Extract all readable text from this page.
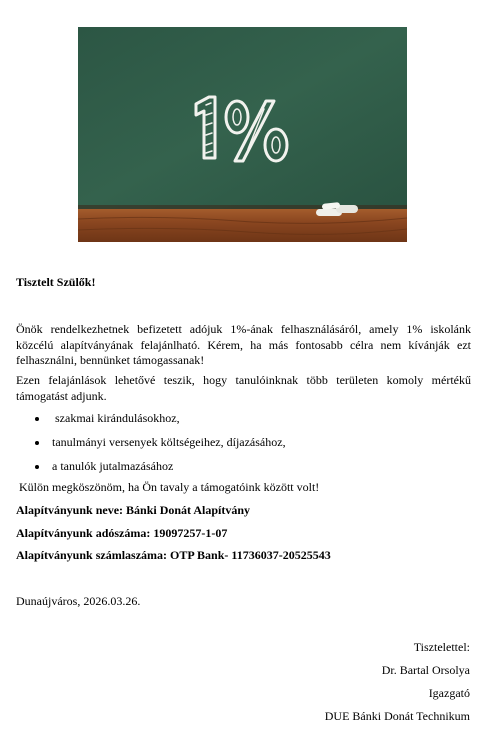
Tisztelt Szülők!
Önök rendelkezhetnek befizetett adójuk 1%-ának felhasználásáról, amely 1% iskolánk közcélú alapítványának felajánlható. Kérem, ha más fontosabb célra nem kívánják ezt felhasználni, bennünket támogassanak!
Ezen felajánlások lehetővé teszik, hogy tanulóinknak több területen komoly mértékű támogatást adjunk.
szakmai kirándulásokhoz,
tanulmányi versenyek költségeihez, díjazásához,
a tanulók jutalmazásához
Külön megköszönöm, ha Ön tavaly a támogatóink között volt!
Alapítványunk neve: Bánki Donát Alapítvány
Alapítványunk adószáma: 19097257-1-07
Alapítványunk számlaszáma: OTP Bank- 11736037-20525543
Dunaújváros, 2026.03.26.
Tisztelettel:
Dr. Bartal Orsolya
Igazgató
DUE Bánki Donát Technikum
